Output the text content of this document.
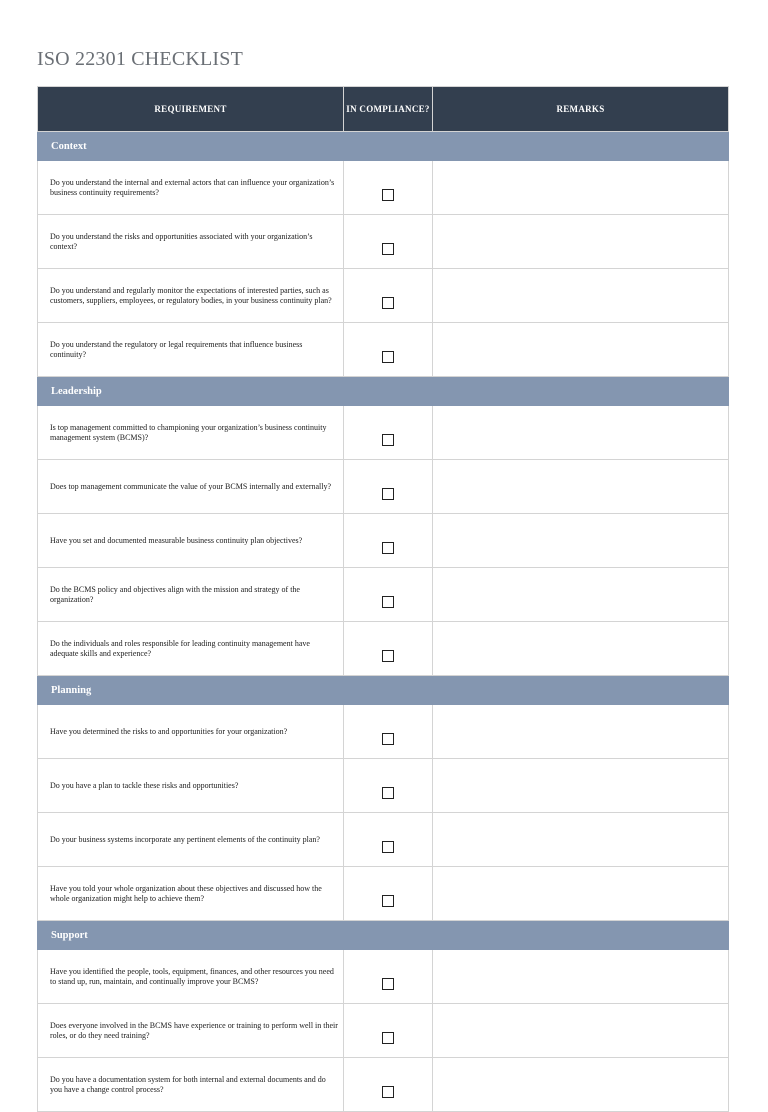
ISO 22301 CHECKLIST
REQUIREMENT	IN COMPLIANCE?	REMARKS
Context		
Do you understand the internal and external actors that can influence your organization’s business continuity requirements?		
Do you understand the risks and opportunities associated with your organization’s context?		
Do you understand and regularly monitor the expectations of interested parties, such as customers, suppliers, employees, or regulatory bodies, in your business continuity plan?		
Do you understand the regulatory or legal requirements that influence business continuity?		
Leadership		
Is top management committed to championing your organization’s business continuity management system (BCMS)?		
Does top management communicate the value of your BCMS internally and externally?		
Have you set and documented measurable business continuity plan objectives?		
Do the BCMS policy and objectives align with the mission and strategy of the organization?		
Do the individuals and roles responsible for leading continuity management have adequate skills and experience?		
Planning		
Have you determined the risks to and opportunities for your organization?		
Do you have a plan to tackle these risks and opportunities?		
Do your business systems incorporate any pertinent elements of the continuity plan?		
Have you told your whole organization about these objectives and discussed how the whole organization might help to achieve them?		
Support		
Have you identified the people, tools, equipment, finances, and other resources you need to stand up, run, maintain, and continually improve your BCMS?		
Does everyone involved in the BCMS have experience or training to perform well in their roles, or do they need training?		
Do you have a documentation system for both internal and external documents and do you have a change control process?		
